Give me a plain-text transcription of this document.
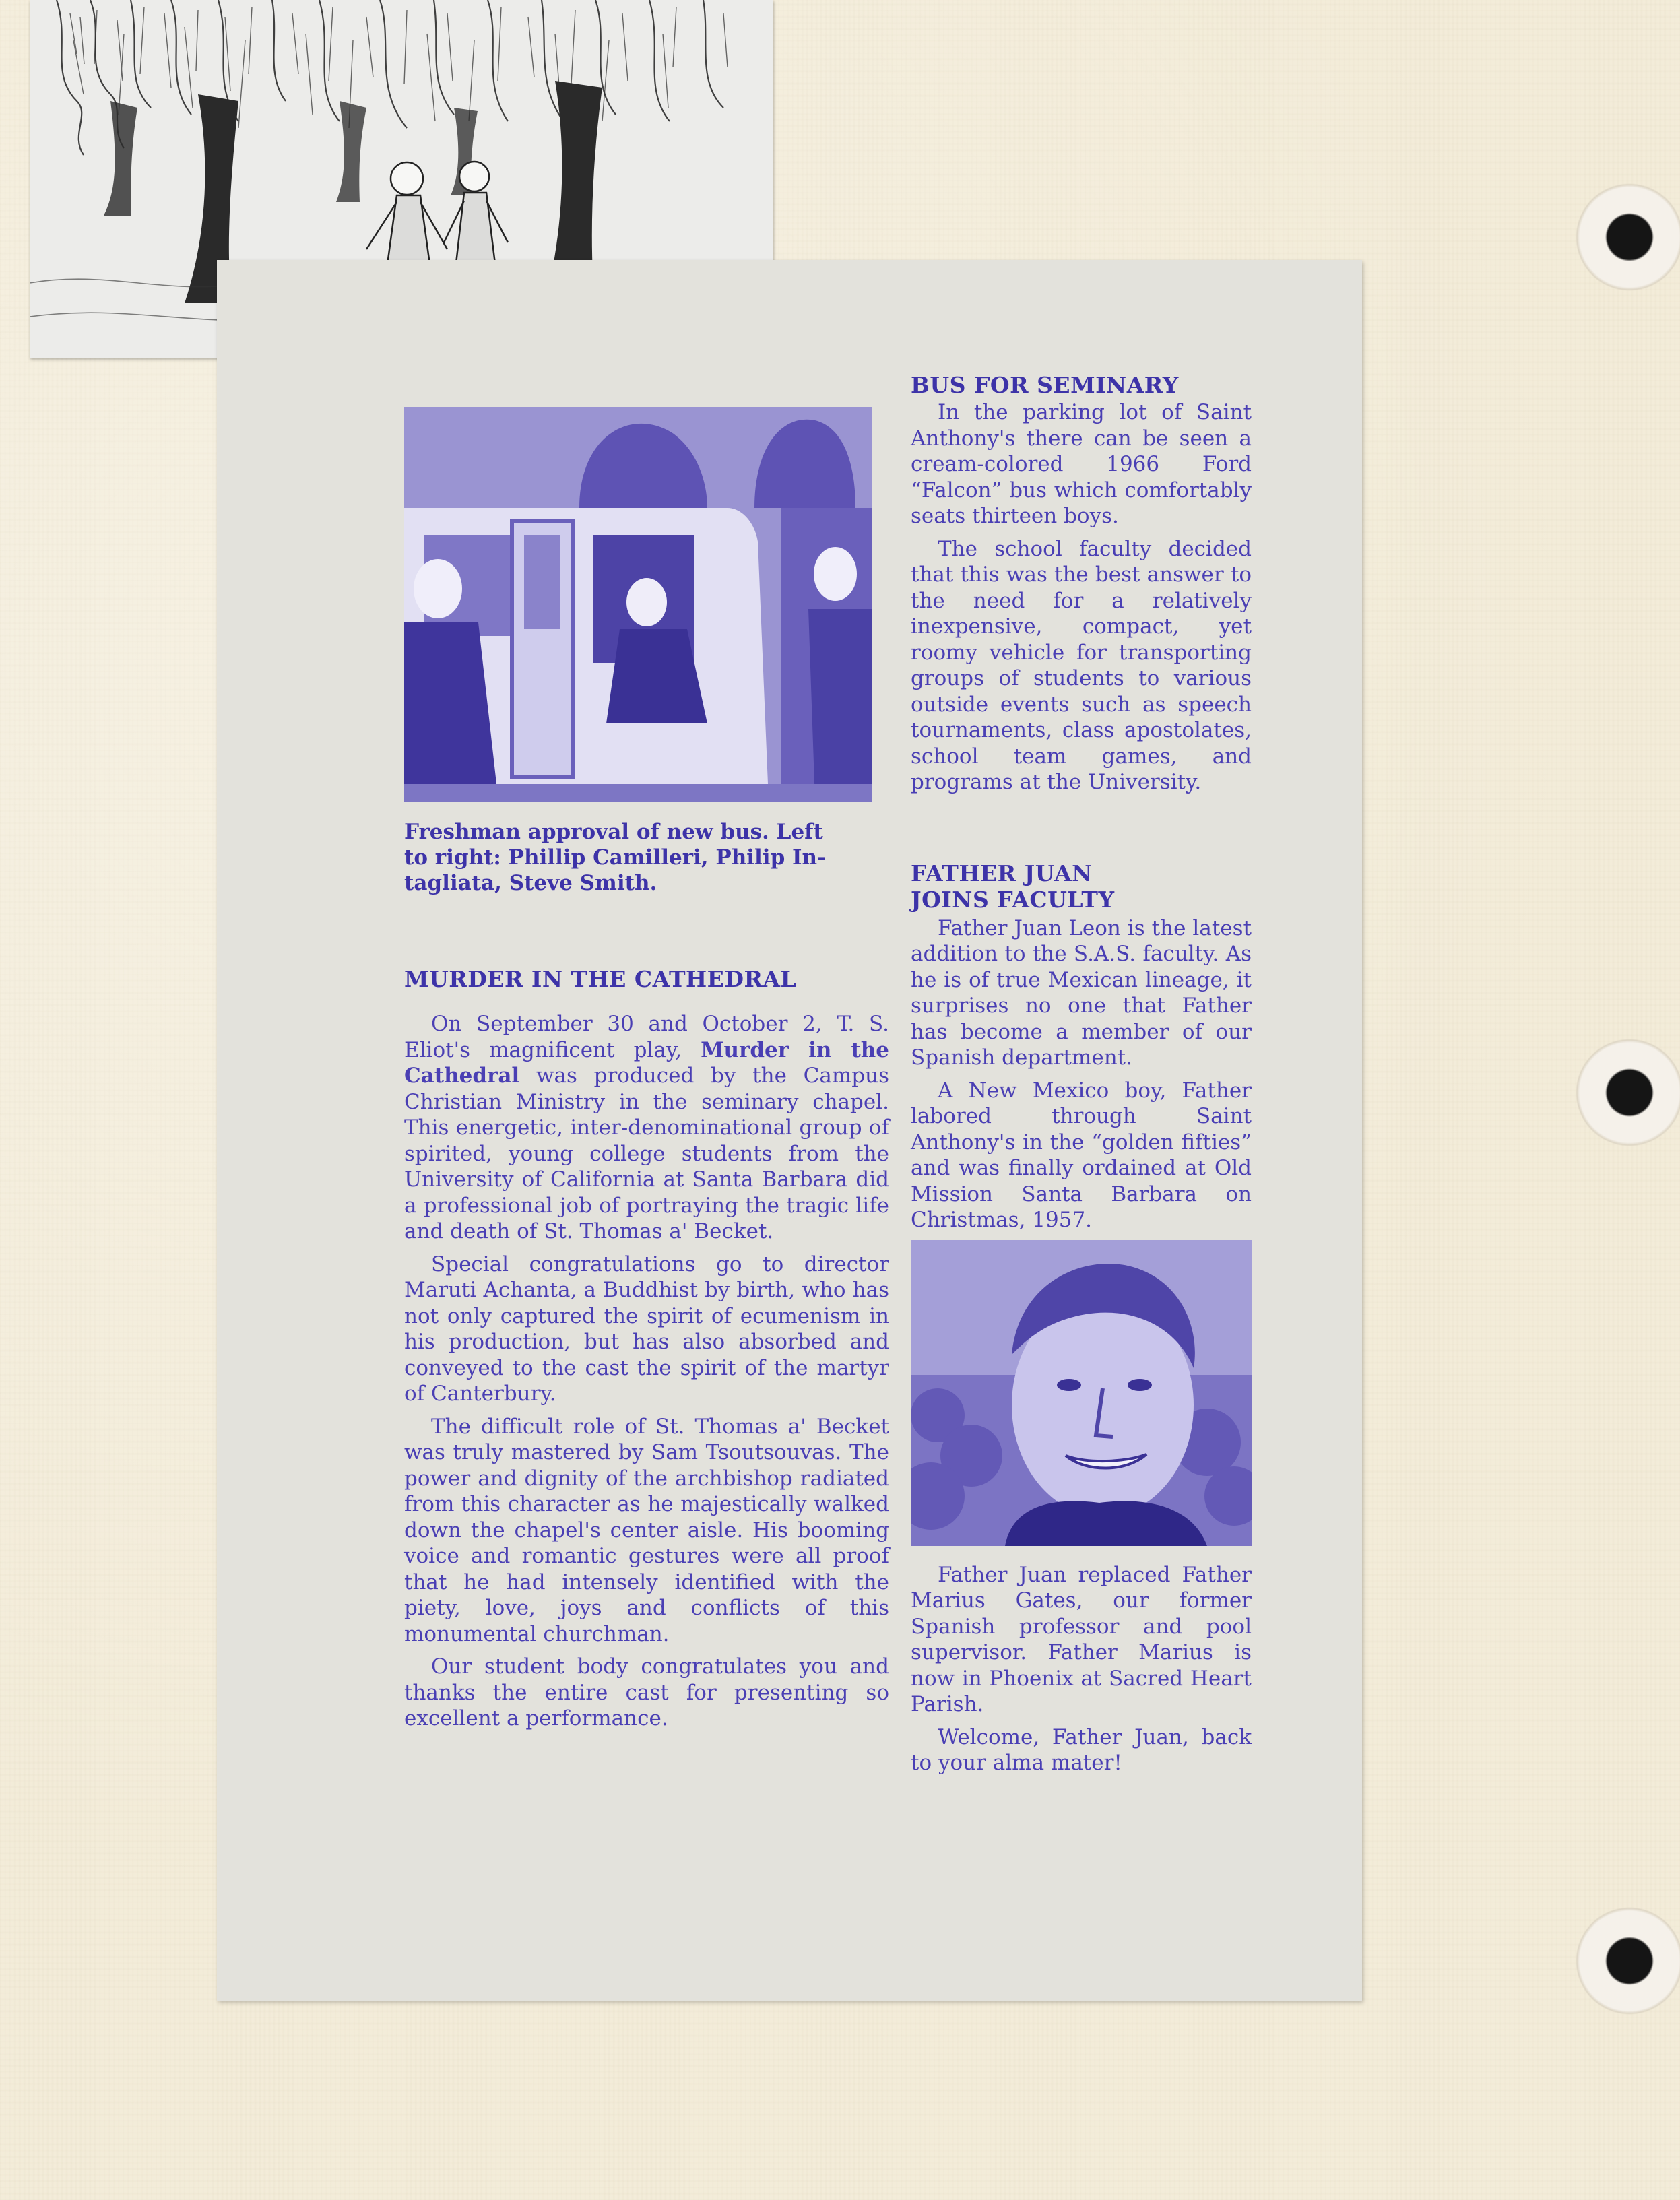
Freshman approval of new bus. Left
to right: Phillip Camilleri, Philip In-
tagliata, Steve Smith.
MURDER IN THE CATHEDRAL

On September 30 and October 2, T. S. Eliot's magnificent play, Murder in the Cathedral was produced by the Campus Christian Ministry in the seminary chapel. This energetic, inter-denominational group of spirited, young college students from the University of California at Santa Barbara did a professional job of portraying the tragic life and death of St. Thomas a' Becket.

Special congratulations go to director Maruti Achanta, a Buddhist by birth, who has not only captured the spirit of ecumenism in his production, but has also absorbed and conveyed to the cast the spirit of the martyr of Canterbury.

The difficult role of St. Thomas a' Becket was truly mastered by Sam Tsoutsouvas. The power and dignity of the archbishop radiated from this character as he majestically walked down the chapel's center aisle. His booming voice and romantic gestures were all proof that he had intensely identified with the piety, love, joys and conflicts of this monumental churchman.

Our student body congratulates you and thanks the entire cast for presenting so excellent a performance.

BUS FOR SEMINARY

In the parking lot of Saint Anthony's there can be seen a cream-colored 1966 Ford “Falcon” bus which comfortably seats thirteen boys.

The school faculty decided that this was the best answer to the need for a relatively inexpensive, compact, yet roomy vehicle for transporting groups of students to various outside events such as speech tournaments, class apostolates, school team games, and programs at the University.

FATHER JUAN
JOINS FACULTY

Father Juan Leon is the latest addition to the S.A.S. faculty. As he is of true Mexican lineage, it surprises no one that Father has become a member of our Spanish department.

A New Mexico boy, Father labored through Saint Anthony's in the “golden fifties” and was finally ordained at Old Mission Santa Barbara on Christmas, 1957.

Father Juan replaced Father Marius Gates, our former Spanish professor and pool supervisor. Father Marius is now in Phoenix at Sacred Heart Parish.

Welcome, Father Juan, back to your alma mater!
